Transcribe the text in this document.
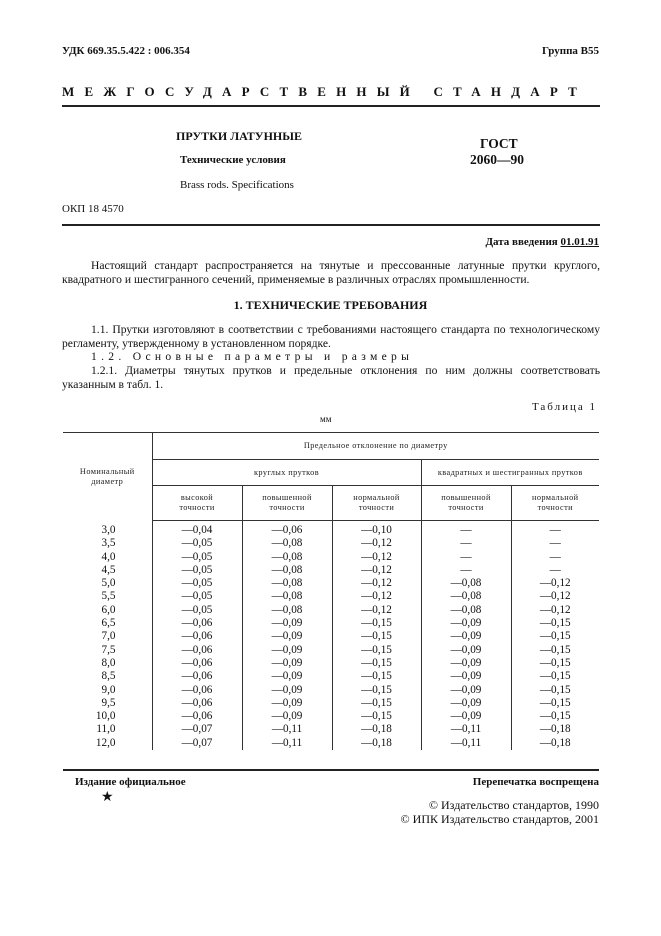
УДК 669.35.5.422 : 006.354	Группа В55
МЕЖГОСУДАРСТВЕННЫЙ СТАНДАРТ
ПРУТКИ ЛАТУННЫЕ
Технические условия
Brass rods. Specifications
ГОСТ
2060—90
ОКП 18 4570
Дата введения 01.01.91
Настоящий стандарт распространяется на тянутые и прессованные латунные прутки круглого, квадратного и шестигранного сечений, применяемые в различных отраслях промышленности.
1. ТЕХНИЧЕСКИЕ ТРЕБОВАНИЯ
1.1. Прутки изготовляют в соответствии с требованиями настоящего стандарта по технологическому регламенту, утвержденному в установленном порядке.
1.2. Основные параметры и размеры
1.2.1. Диаметры тянутых прутков и предельные отклонения по ним должны соответствовать указанным в табл. 1.
Таблица 1
мм
Номинальный диаметр	Предельное отклонение по диаметру				
	круглых прутков			квадратных и шестигранных прутков	
	высокой точности	повышенной точности	нормальной точности	повышенной точности	нормальной точности
3,0	—0,04	—0,06	—0,10	—	—
3,5	—0,05	—0,08	—0,12	—	—
4,0	—0,05	—0,08	—0,12	—	—
4,5	—0,05	—0,08	—0,12	—	—
5,0	—0,05	—0,08	—0,12	—0,08	—0,12
5,5	—0,05	—0,08	—0,12	—0,08	—0,12
6,0	—0,05	—0,08	—0,12	—0,08	—0,12
6,5	—0,06	—0,09	—0,15	—0,09	—0,15
7,0	—0,06	—0,09	—0,15	—0,09	—0,15
7,5	—0,06	—0,09	—0,15	—0,09	—0,15
8,0	—0,06	—0,09	—0,15	—0,09	—0,15
8,5	—0,06	—0,09	—0,15	—0,09	—0,15
9,0	—0,06	—0,09	—0,15	—0,09	—0,15
9,5	—0,06	—0,09	—0,15	—0,09	—0,15
10,0	—0,06	—0,09	—0,15	—0,09	—0,15
11,0	—0,07	—0,11	—0,18	—0,11	—0,18
12,0	—0,07	—0,11	—0,18	—0,11	—0,18
Издание официальное	Перепечатка воспрещена
★	© Издательство стандартов, 1990
© ИПК Издательство стандартов, 2001
